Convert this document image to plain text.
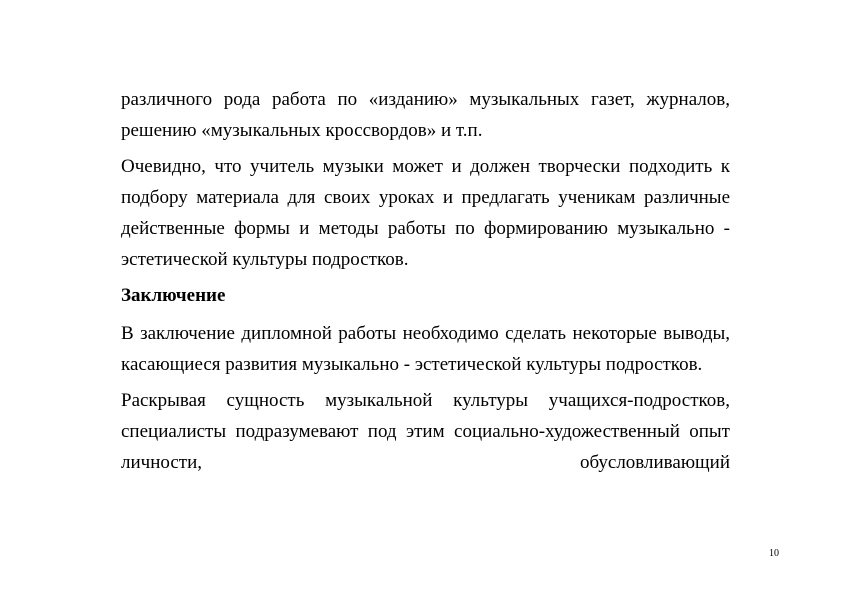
различного рода работа по «изданию» музыкальных газет, журналов, решению «музыкальных кроссвордов» и т.п.

Очевидно, что учитель музыки может и должен творчески подходить к подбору материала для своих уроках и предлагать ученикам различные действенные формы и методы работы по формированию музыкально - эстетической культуры подростков.

Заключение

В заключение дипломной работы необходимо сделать некоторые выводы, касающиеся развития музыкально - эстетической культуры подростков.

Раскрывая сущность музыкальной культуры учащихся-подростков, специалисты подразумевают под этим социально-художественный опыт личности, обусловливающий

10
